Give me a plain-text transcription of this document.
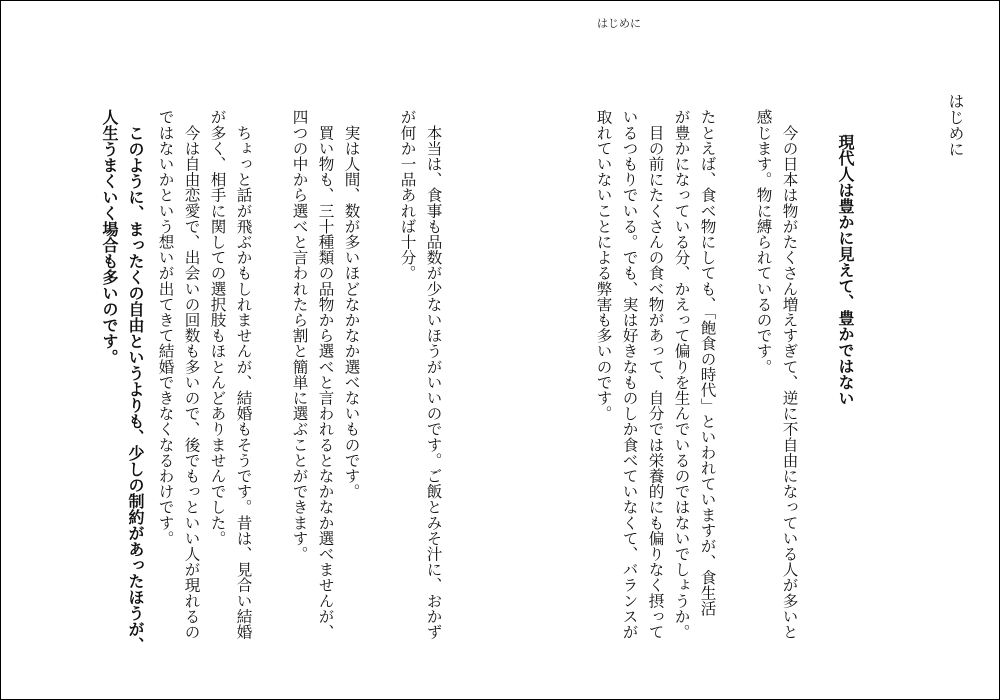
はじめに
はじめに
現代人は豊かに見えて、豊かではない
　今の日本は物がたくさん増えすぎて、逆に不自由になっている人が多いと
感じます。物に縛られているのです。
たとえば、食べ物にしても、「飽食の時代」といわれていますが、食生活
が豊かになっている分、かえって偏りを生んでいるのではないでしょうか。
　目の前にたくさんの食べ物があって、自分では栄養的にも偏りなく摂って
いるつもりでいる。でも、実は好きなものしか食べていなくて、バランスが
取れていないことによる弊害も多いのです。
　本当は、食事も品数が少ないほうがいいのです。ご飯とみそ汁に、おかず
が何か一品あれば十分。
　実は人間、数が多いほどなかなか選べないものです。
　買い物も、三十種類の品物から選べと言われるとなかなか選べませんが、
四つの中から選べと言われたら割と簡単に選ぶことができます。
　ちょっと話が飛ぶかもしれませんが、結婚もそうです。昔は、見合い結婚
が多く、相手に関しての選択肢もほとんどありませんでした。
　今は自由恋愛で、出会いの回数も多いので、後でもっといい人が現れるの
ではないかという想いが出てきて結婚できなくなるわけです。
　このように、まったくの自由というよりも、少しの制約があったほうが、
人生うまくいく場合も多いのです。
